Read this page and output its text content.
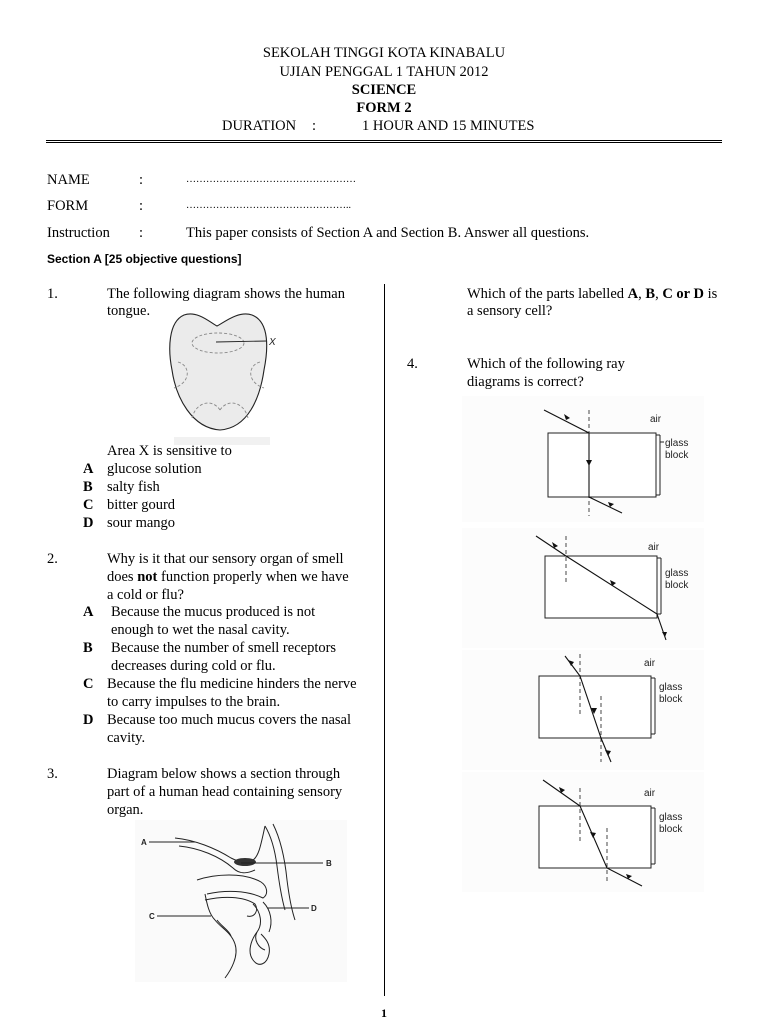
SEKOLAH TINGGI KOTA KINABALU
UJIAN PENGGAL 1 TAHUN 2012
SCIENCE
FORM 2
DURATION :	1 HOUR AND 15 MINUTES
NAME	:	……………………………………………
FORM	:	…………………………………………..
Instruction :	This paper consists of Section A and Section B. Answer all questions.
Section A [25 objective questions]
1.	The following diagram shows the human
tongue.
X
Area X is sensitive to
A glucose solution
B salty fish
C bitter gourd
D sour mango
2.	Why is it that our sensory organ of smell
does not function properly when we have
a cold or flu?
A Because the mucus produced is not
enough to wet the nasal cavity.
B Because the number of smell receptors
decreases during cold or flu.
C Because the flu medicine hinders the nerve
to carry impulses to the brain.
D Because too much mucus covers the nasal
cavity.
3.	Diagram below shows a section through
part of a human head containing sensory
organ.
A
B
C
D
Which of the parts labelled A, B, C or D is
a sensory cell?
4.	Which of the following ray
diagrams is correct?
air
glass
block
air
glass
block
air
glass
block
air
glass
block
1
